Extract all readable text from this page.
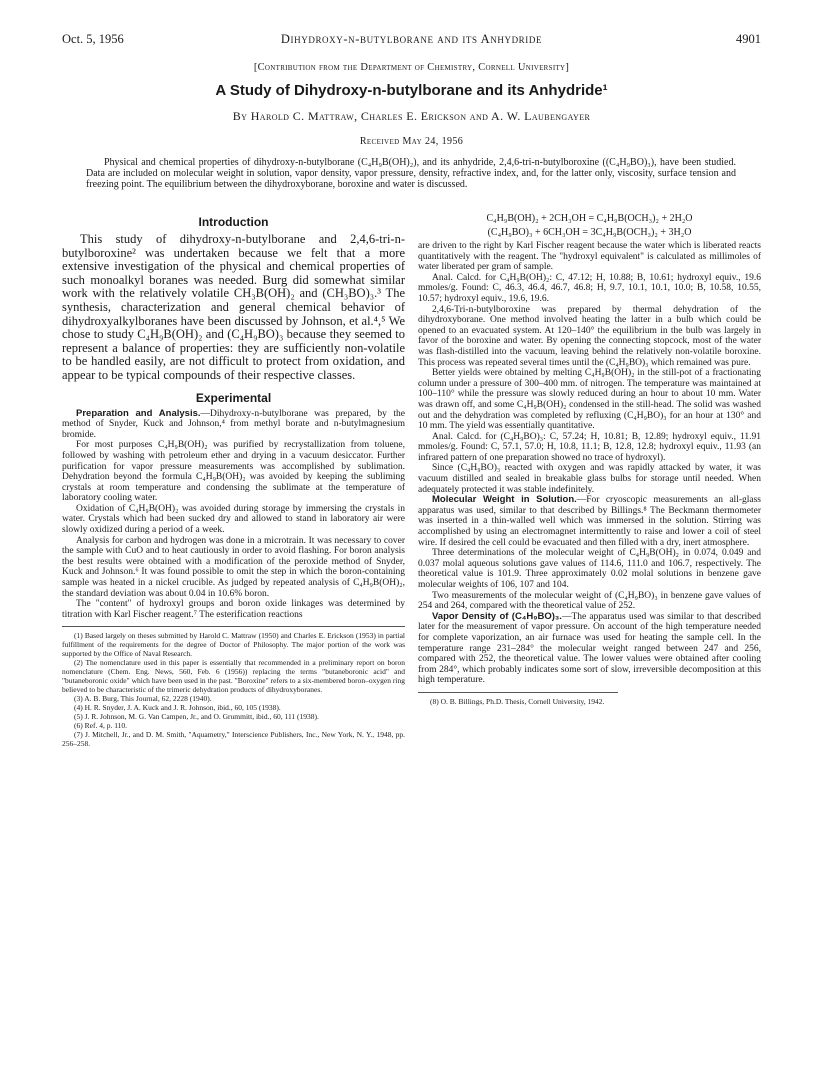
Oct. 5, 1956	Dihydroxy-n-butylborane and its Anhydride	4901
[Contribution from the Department of Chemistry, Cornell University]
A Study of Dihydroxy-n-butylborane and its Anhydride¹
By Harold C. Mattraw, Charles E. Erickson and A. W. Laubengayer
Received May 24, 1956
Physical and chemical properties of dihydroxy-n-butylborane (C₄H₉B(OH)₂), and its anhydride, 2,4,6-tri-n-butylboroxine ((C₄H₉BO)₃), have been studied. Data are included on molecular weight in solution, vapor density, vapor pressure, density, refractive index, and, for the latter only, viscosity, surface tension and freezing point. The equilibrium between the dihydroxyborane, boroxine and water is discussed.
Introduction

This study of dihydroxy-n-butylborane and 2,4,6-tri-n-butylboroxine² was undertaken because we felt that a more extensive investigation of the physical and chemical properties of such monoalkyl boranes was needed. Burg did somewhat similar work with the relatively volatile CH₃B(OH)₂ and (CH₃BO)₃.³ The synthesis, characterization and general chemical behavior of dihydroxyalkylboranes have been discussed by Johnson, et al.⁴,⁵ We chose to study C₄H₉B(OH)₂ and (C₄H₉BO)₃ because they seemed to represent a balance of properties: they are sufficiently non-volatile to be handled easily, are not difficult to protect from oxidation, and appear to be typical compounds of their respective classes.

Experimental

Preparation and Analysis.—Dihydroxy-n-butylborane was prepared, by the method of Snyder, Kuck and Johnson,⁴ from methyl borate and n-butylmagnesium bromide.

For most purposes C₄H₉B(OH)₂ was purified by recrystallization from toluene, followed by washing with petroleum ether and drying in a vacuum desiccator. Further purification for vapor pressure measurements was accomplished by sublimation. Dehydration beyond the formula C₄H₉B(OH)₂ was avoided by keeping the subliming crystals at room temperature and condensing the sublimate at the temperature of laboratory cooling water.

Oxidation of C₄H₉B(OH)₂ was avoided during storage by immersing the crystals in water. Crystals which had been sucked dry and allowed to stand in laboratory air were slowly oxidized during a period of a week.

Analysis for carbon and hydrogen was done in a microtrain. It was necessary to cover the sample with CuO and to heat cautiously in order to avoid flashing. For boron analysis the best results were obtained with a modification of the peroxide method of Snyder, Kuck and Johnson.⁶ It was found possible to omit the step in which the boron-containing sample was heated in a nickel crucible. As judged by repeated analysis of C₄H₉B(OH)₂, the standard deviation was about 0.04 in 10.6% boron.

The "content" of hydroxyl groups and boron oxide linkages was determined by titration with Karl Fischer reagent.⁷ The esterification reactions

(1) Based largely on theses submitted by Harold C. Mattraw (1950) and Charles E. Erickson (1953) in partial fulfillment of the requirements for the degree of Doctor of Philosophy. The major portion of the work was supported by the Office of Naval Research.

(2) The nomenclature used in this paper is essentially that recommended in a preliminary report on boron nomenclature (Chem. Eng. News, 560, Feb. 6 (1956)) replacing the terms "butaneboronic acid" and "butaneboronic oxide" which have been used in the past. "Boroxine" refers to a six-membered boron–oxygen ring believed to be characteristic of the trimeric dehydration products of dihydroxyboranes.

(3) A. B. Burg, This Journal, 62, 2228 (1940).

(4) H. R. Snyder, J. A. Kuck and J. R. Johnson, ibid., 60, 105 (1938).

(5) J. R. Johnson, M. G. Van Campen, Jr., and O. Grummitt, ibid., 60, 111 (1938).

(6) Ref. 4, p. 110.

(7) J. Mitchell, Jr., and D. M. Smith, "Aquametry," Interscience Publishers, Inc., New York, N. Y., 1948, pp. 256–258.

C₄H₉B(OH)₂ + 2CH₃OH = C₄H₉B(OCH₃)₂ + 2H₂O
(C₄H₉BO)₃ + 6CH₃OH = 3C₄H₉B(OCH₃)₂ + 3H₂O

are driven to the right by Karl Fischer reagent because the water which is liberated reacts quantitatively with the reagent. The "hydroxyl equivalent" is calculated as millimoles of water liberated per gram of sample.

Anal. Calcd. for C₄H₉B(OH)₂: C, 47.12; H, 10.88; B, 10.61; hydroxyl equiv., 19.6 mmoles/g. Found: C, 46.3, 46.4, 46.7, 46.8; H, 9.7, 10.1, 10.1, 10.0; B, 10.58, 10.55, 10.57; hydroxyl equiv., 19.6, 19.6.

2,4,6-Tri-n-butylboroxine was prepared by thermal dehydration of the dihydroxyborane. One method involved heating the latter in a bulb which could be opened to an evacuated system. At 120–140° the equilibrium in the bulb was largely in favor of the boroxine and water. By opening the connecting stopcock, most of the water was flash-distilled into the vacuum, leaving behind the relatively non-volatile boroxine. This process was repeated several times until the (C₄H₉BO)₃ which remained was pure.

Better yields were obtained by melting C₄H₉B(OH)₂ in the still-pot of a fractionating column under a pressure of 300–400 mm. of nitrogen. The temperature was maintained at 100–110° while the pressure was slowly reduced during an hour to about 10 mm. Water was drawn off, and some C₄H₉B(OH)₂ condensed in the still-head. The solid was washed out and the dehydration was completed by refluxing (C₄H₉BO)₃ for an hour at 130° and 10 mm. The yield was essentially quantitative.

Anal. Calcd. for (C₄H₉BO)₃: C, 57.24; H, 10.81; B, 12.89; hydroxyl equiv., 11.91 mmoles/g. Found: C, 57.1, 57.0; H, 10.8, 11.1; B, 12.8, 12.8; hydroxyl equiv., 11.93 (an infrared pattern of one preparation showed no trace of hydroxyl).

Since (C₄H₉BO)₃ reacted with oxygen and was rapidly attacked by water, it was vacuum distilled and sealed in breakable glass bulbs for storage until needed. When adequately protected it was stable indefinitely.

Molecular Weight in Solution.—For cryoscopic measurements an all-glass apparatus was used, similar to that described by Billings.⁸ The Beckmann thermometer was inserted in a thin-walled well which was immersed in the solution. Stirring was accomplished by using an electromagnet intermittently to raise and lower a coil of steel wire. If desired the cell could be evacuated and then filled with a dry, inert atmosphere.

Three determinations of the molecular weight of C₄H₉B(OH)₂ in 0.074, 0.049 and 0.037 molal aqueous solutions gave values of 114.6, 111.0 and 106.7, respectively. The theoretical value is 101.9. Three approximately 0.02 molal solutions in benzene gave molecular weights of 106, 107 and 104.

Two measurements of the molecular weight of (C₄H₉BO)₃ in benzene gave values of 254 and 264, compared with the theoretical value of 252.

Vapor Density of (C₄H₉BO)₃.—The apparatus used was similar to that described later for the measurement of vapor pressure. On account of the high temperature needed for complete vaporization, an air furnace was used for heating the sample cell. In the temperature range 231–284° the molecular weight ranged between 247 and 256, compared with 252, the theoretical value. The lower values were obtained after cooling from 284°, which probably indicates some sort of slow, irreversible decomposition at this high temperature.

(8) O. B. Billings, Ph.D. Thesis, Cornell University, 1942.
